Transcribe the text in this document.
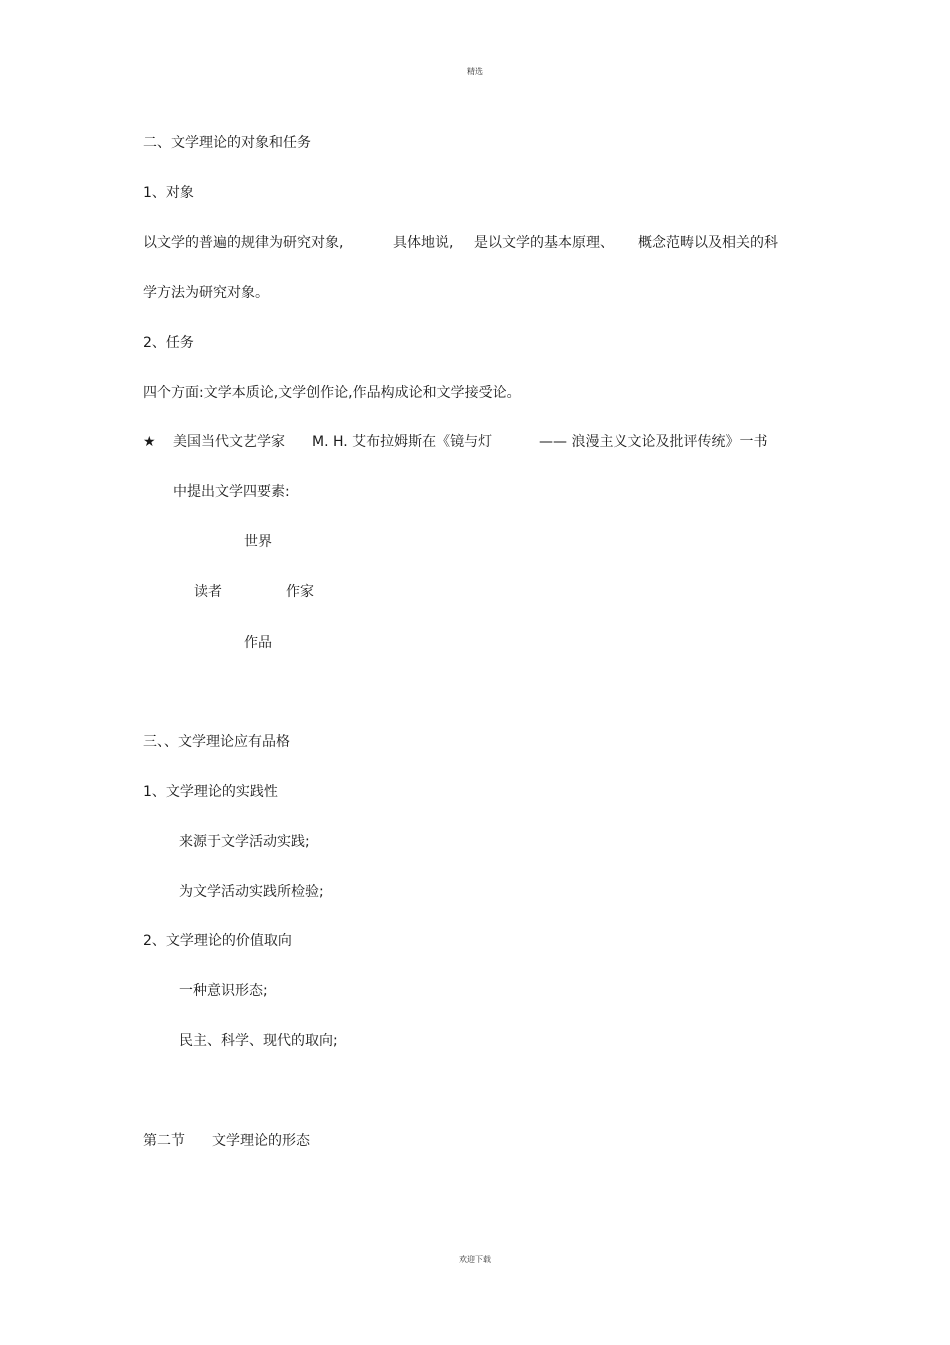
精选
二、文学理论的对象和任务
1、对象
以文学的普遍的规律为研究对象,	具体地说, 是以文学的基本原理、 概念范畴以及相关的科
学方法为研究对象。
2、任务
四个方面:文学本质论,文学创作论,作品构成论和文学接受论。
★ 美国当代文艺学家 M. H. 艾布拉姆斯在《镜与灯	—— 浪漫主义文论及批评传统》一书
中提出文学四要素:
世界
读者	作家
作品
三、、文学理论应有品格
1、文学理论的实践性
来源于文学活动实践;
为文学活动实践所检验;
2、文学理论的价值取向
一种意识形态;
民主、科学、现代的取向;
第二节 文学理论的形态
欢迎下载
